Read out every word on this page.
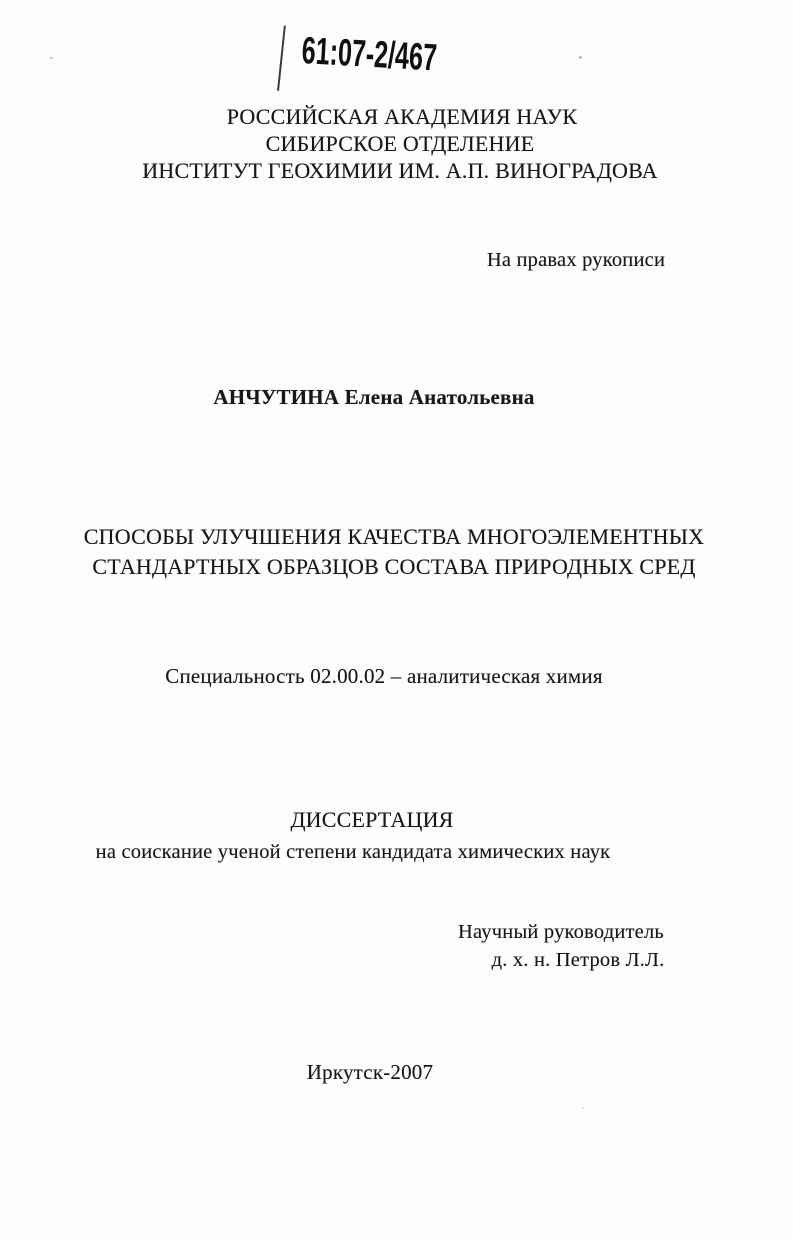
61:07-2/467
РОССИЙСКАЯ АКАДЕМИЯ НАУК
СИБИРСКОЕ ОТДЕЛЕНИЕ
ИНСТИТУТ ГЕОХИМИИ ИМ. А.П. ВИНОГРАДОВА
На правах рукописи
АНЧУТИНА Елена Анатольевна
СПОСОБЫ УЛУЧШЕНИЯ КАЧЕСТВА МНОГОЭЛЕМЕНТНЫХ
СТАНДАРТНЫХ ОБРАЗЦОВ СОСТАВА ПРИРОДНЫХ СРЕД
Специальность 02.00.02 – аналитическая химия
ДИССЕРТАЦИЯ
на соискание ученой степени кандидата химических наук
Научный руководитель
д. х. н. Петров Л.Л.
Иркутск-2007
